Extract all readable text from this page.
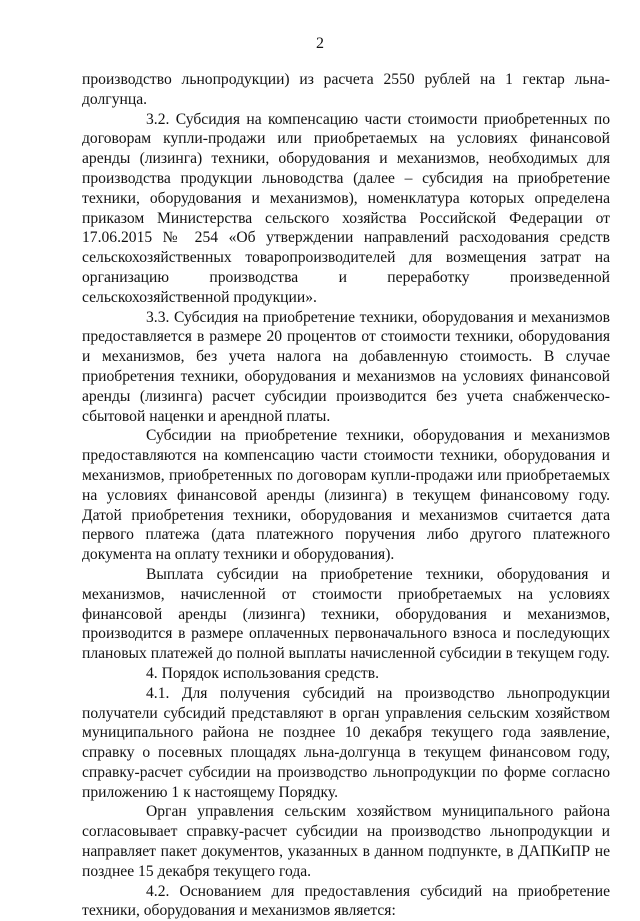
2

производство льнопродукции) из расчета 2550 рублей на 1 гектар льна-долгунца.

3.2. Субсидия на компенсацию части стоимости приобретенных по договорам купли-продажи или приобретаемых на условиях финансовой аренды (лизинга) техники, оборудования и механизмов, необходимых для производства продукции льноводства (далее – субсидия на приобретение техники, оборудования и механизмов), номенклатура которых определена приказом Министерства сельского хозяйства Российской Федерации от 17.06.2015 № 254 «Об утверждении направлений расходования средств сельскохозяйственных товаропроизводителей для возмещения затрат на организацию производства и переработку произведенной сельскохозяйственной продукции».

3.3. Субсидия на приобретение техники, оборудования и механизмов предоставляется в размере 20 процентов от стоимости техники, оборудования и механизмов, без учета налога на добавленную стоимость. В случае приобретения техники, оборудования и механизмов на условиях финансовой аренды (лизинга) расчет субсидии производится без учета снабженческо-сбытовой наценки и арендной платы.

Субсидии на приобретение техники, оборудования и механизмов предоставляются на компенсацию части стоимости техники, оборудования и механизмов, приобретенных по договорам купли-продажи или приобретаемых на условиях финансовой аренды (лизинга) в текущем финансовому году. Датой приобретения техники, оборудования и механизмов считается дата первого платежа (дата платежного поручения либо другого платежного документа на оплату техники и оборудования).

Выплата субсидии на приобретение техники, оборудования и механизмов, начисленной от стоимости приобретаемых на условиях финансовой аренды (лизинга) техники, оборудования и механизмов, производится в размере оплаченных первоначального взноса и последующих плановых платежей до полной выплаты начисленной субсидии в текущем году.

4. Порядок использования средств.

4.1. Для получения субсидий на производство льнопродукции получатели субсидий представляют в орган управления сельским хозяйством муниципального района не позднее 10 декабря текущего года заявление, справку о посевных площадях льна-долгунца в текущем финансовом году, справку-расчет субсидии на производство льнопродукции по форме согласно приложению 1 к настоящему Порядку.

Орган управления сельским хозяйством муниципального района согласовывает справку-расчет субсидии на производство льнопродукции и направляет пакет документов, указанных в данном подпункте, в ДАПКиПР не позднее 15 декабря текущего года.

4.2. Основанием для предоставления субсидий на приобретение техники, оборудования и механизмов является:
